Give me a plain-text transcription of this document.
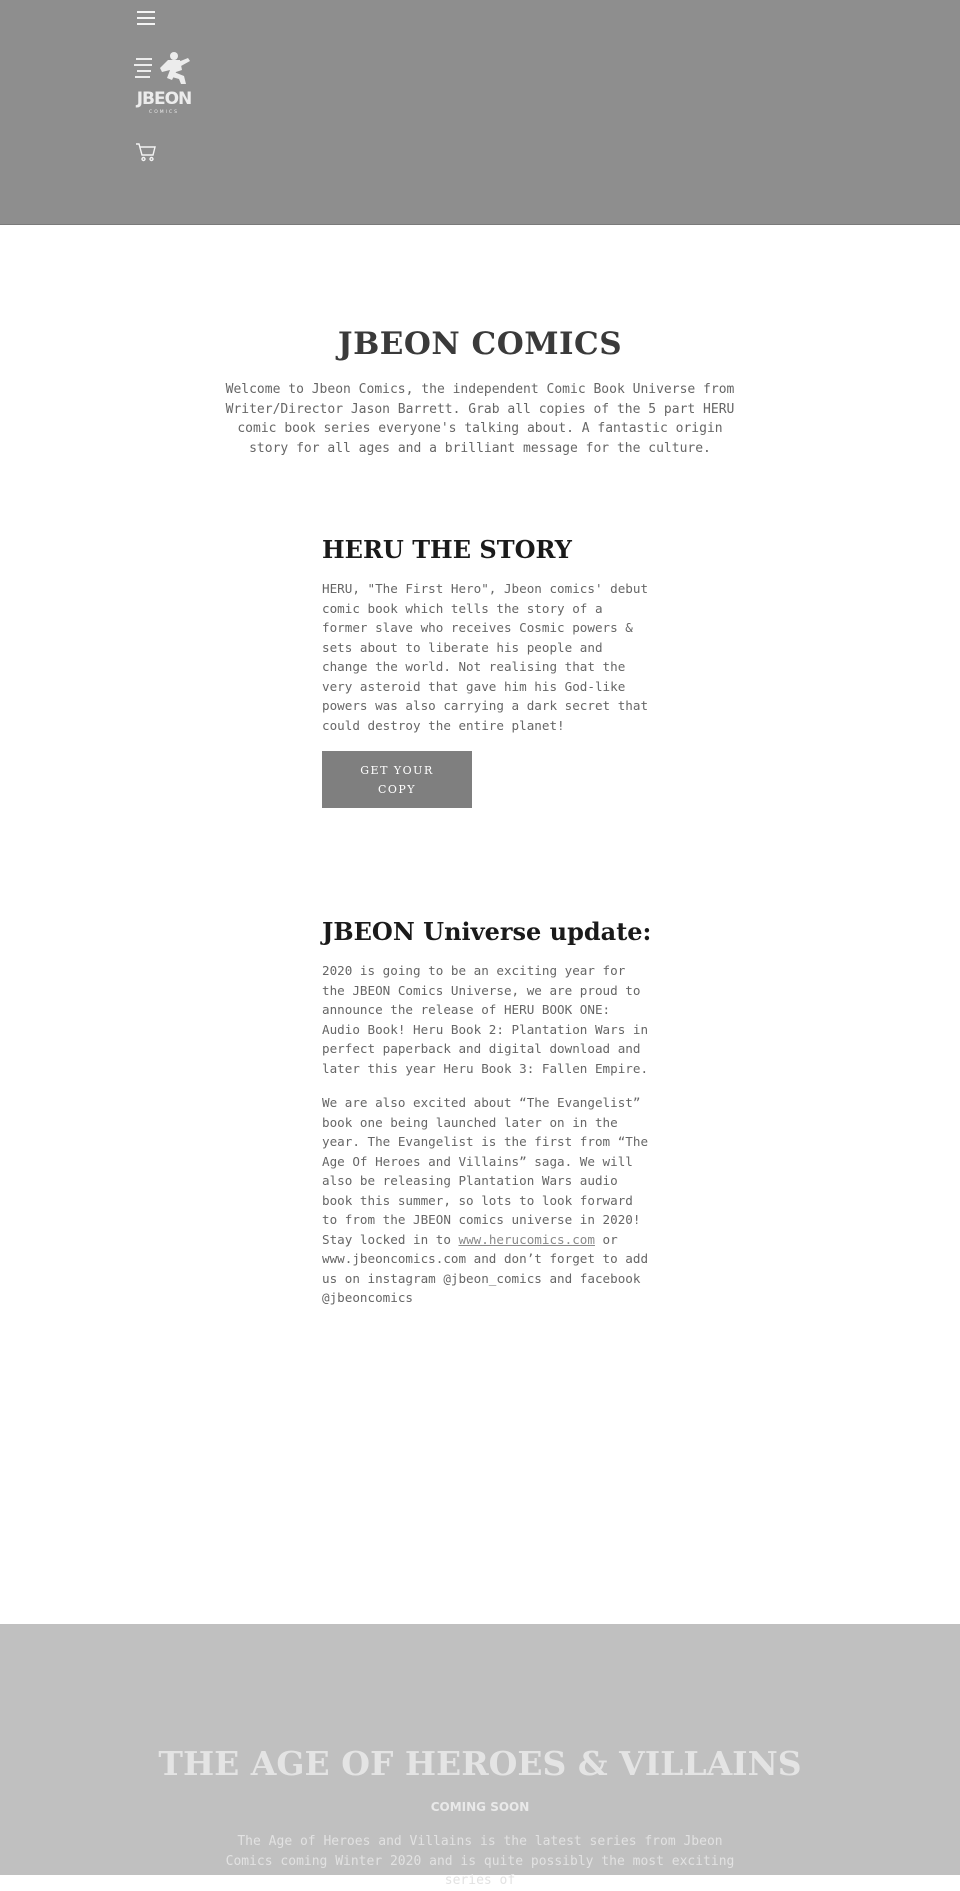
JBEON
COMICS
JBEON COMICS

Welcome to Jbeon Comics, the independent Comic Book Universe from Writer/Director Jason Barrett. Grab all copies of the 5 part HERU comic book series everyone's talking about. A fantastic origin story for all ages and a brilliant message for the culture.

HERU THE STORY

HERU, "The First Hero", Jbeon comics' debut comic book which tells the story of a former slave who receives Cosmic powers & sets about to liberate his people and change the world. Not realising that the very asteroid that gave him his God-like powers was also carrying a dark secret that could destroy the entire planet!

GET YOUR COPY
JBEON Universe update:

2020 is going to be an exciting year for the JBEON Comics Universe, we are proud to announce the release of HERU BOOK ONE: Audio Book! Heru Book 2: Plantation Wars in perfect paperback and digital download and later this year Heru Book 3: Fallen Empire.

We are also excited about “The Evangelist” book one being launched later on in the year. The Evangelist is the first from “The Age Of Heroes and Villains” saga. We will also be releasing Plantation Wars audio book this summer, so lots to look forward to from the JBEON comics universe in 2020! Stay locked in to www.herucomics.com or www.jbeoncomics.com and don’t forget to add us on instagram @jbeon_comics and facebook @jbeoncomics

THE AGE OF HEROES & VILLAINS
COMING SOON
The Age of Heroes and Villains is the latest series from Jbeon Comics coming Winter 2020 and is quite possibly the most exciting series of
